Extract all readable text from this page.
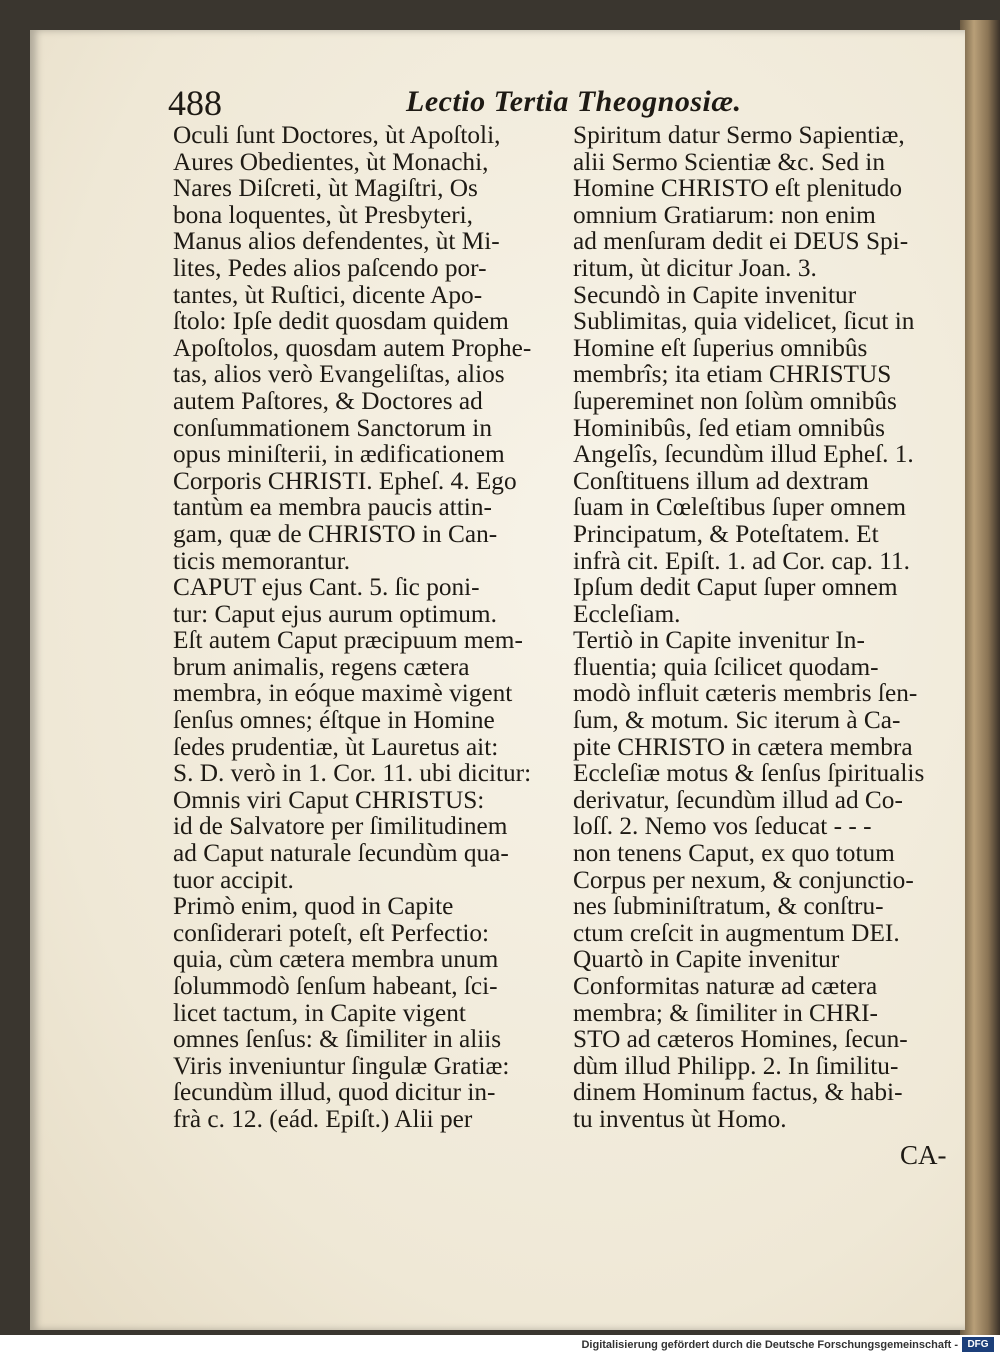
488	Lectio Tertia Theognosiæ.
Oculi ſunt Doctores, ùt Apoſtoli,
Aures Obedientes, ùt Monachi,
Nares Diſcreti, ùt Magiſtri, Os
bona loquentes, ùt Presbyteri,
Manus alios defendentes, ùt Mi-
lites, Pedes alios paſcendo por-
tantes, ùt Ruſtici, dicente Apo-
ſtolo: Ipſe dedit quosdam quidem
Apoſtolos, quosdam autem Prophe-
tas, alios verò Evangeliſtas, alios
autem Paſtores, & Doctores ad
conſummationem Sanctorum in
opus miniſterii, in ædificationem
Corporis CHRISTI. Epheſ. 4. Ego
tantùm ea membra paucis attin-
gam, quæ de CHRISTO in Can-
ticis memorantur.
CAPUT ejus Cant. 5. ſic poni-
tur: Caput ejus aurum optimum.
Eſt autem Caput præcipuum mem-
brum animalis, regens cætera
membra, in eóque maximè vigent
ſenſus omnes; éſtque in Homine
ſedes prudentiæ, ùt Lauretus ait:
S. D. verò in 1. Cor. 11. ubi dicitur:
Omnis viri Caput CHRISTUS:
id de Salvatore per ſimilitudinem
ad Caput naturale ſecundùm qua-
tuor accipit.
Primò enim, quod in Capite
conſiderari poteſt, eſt Perfectio:
quia, cùm cætera membra unum
ſolummodò ſenſum habeant, ſci-
licet tactum, in Capite vigent
omnes ſenſus: & ſimiliter in aliis
Viris inveniuntur ſingulæ Gratiæ:
ſecundùm illud, quod dicitur in-
frà c. 12. (eád. Epiſt.) Alii per
Spiritum datur Sermo Sapientiæ,
alii Sermo Scientiæ &c. Sed in
Homine CHRISTO eſt plenitudo
omnium Gratiarum: non enim
ad menſuram dedit ei DEUS Spi-
ritum, ùt dicitur Joan. 3.
Secundò in Capite invenitur
Sublimitas, quia videlicet, ſicut in
Homine eſt ſuperius omnibûs
membrîs; ita etiam CHRISTUS
ſupereminet non ſolùm omnibûs
Hominibûs, ſed etiam omnibûs
Angelîs, ſecundùm illud Epheſ. 1.
Conſtituens illum ad dextram
ſuam in Cœleſtibus ſuper omnem
Principatum, & Poteſtatem. Et
infrà cit. Epiſt. 1. ad Cor. cap. 11.
Ipſum dedit Caput ſuper omnem
Eccleſiam.
Tertiò in Capite invenitur In-
fluentia; quia ſcilicet quodam-
modò influit cæteris membris ſen-
ſum, & motum. Sic iterum à Ca-
pite CHRISTO in cætera membra
Eccleſiæ motus & ſenſus ſpiritualis
derivatur, ſecundùm illud ad Co-
loſſ. 2. Nemo vos ſeducat - - -
non tenens Caput, ex quo totum
Corpus per nexum, & conjunctio-
nes ſubminiſtratum, & conſtru-
ctum creſcit in augmentum DEI.
Quartò in Capite invenitur
Conformitas naturæ ad cætera
membra; & ſimiliter in CHRI-
STO ad cæteros Homines, ſecun-
dùm illud Philipp. 2. In ſimilitu-
dinem Hominum factus, & habi-
tu inventus ùt Homo.
CA-
Digitalisierung gefördert durch die Deutsche Forschungsgemeinschaft - DFG
